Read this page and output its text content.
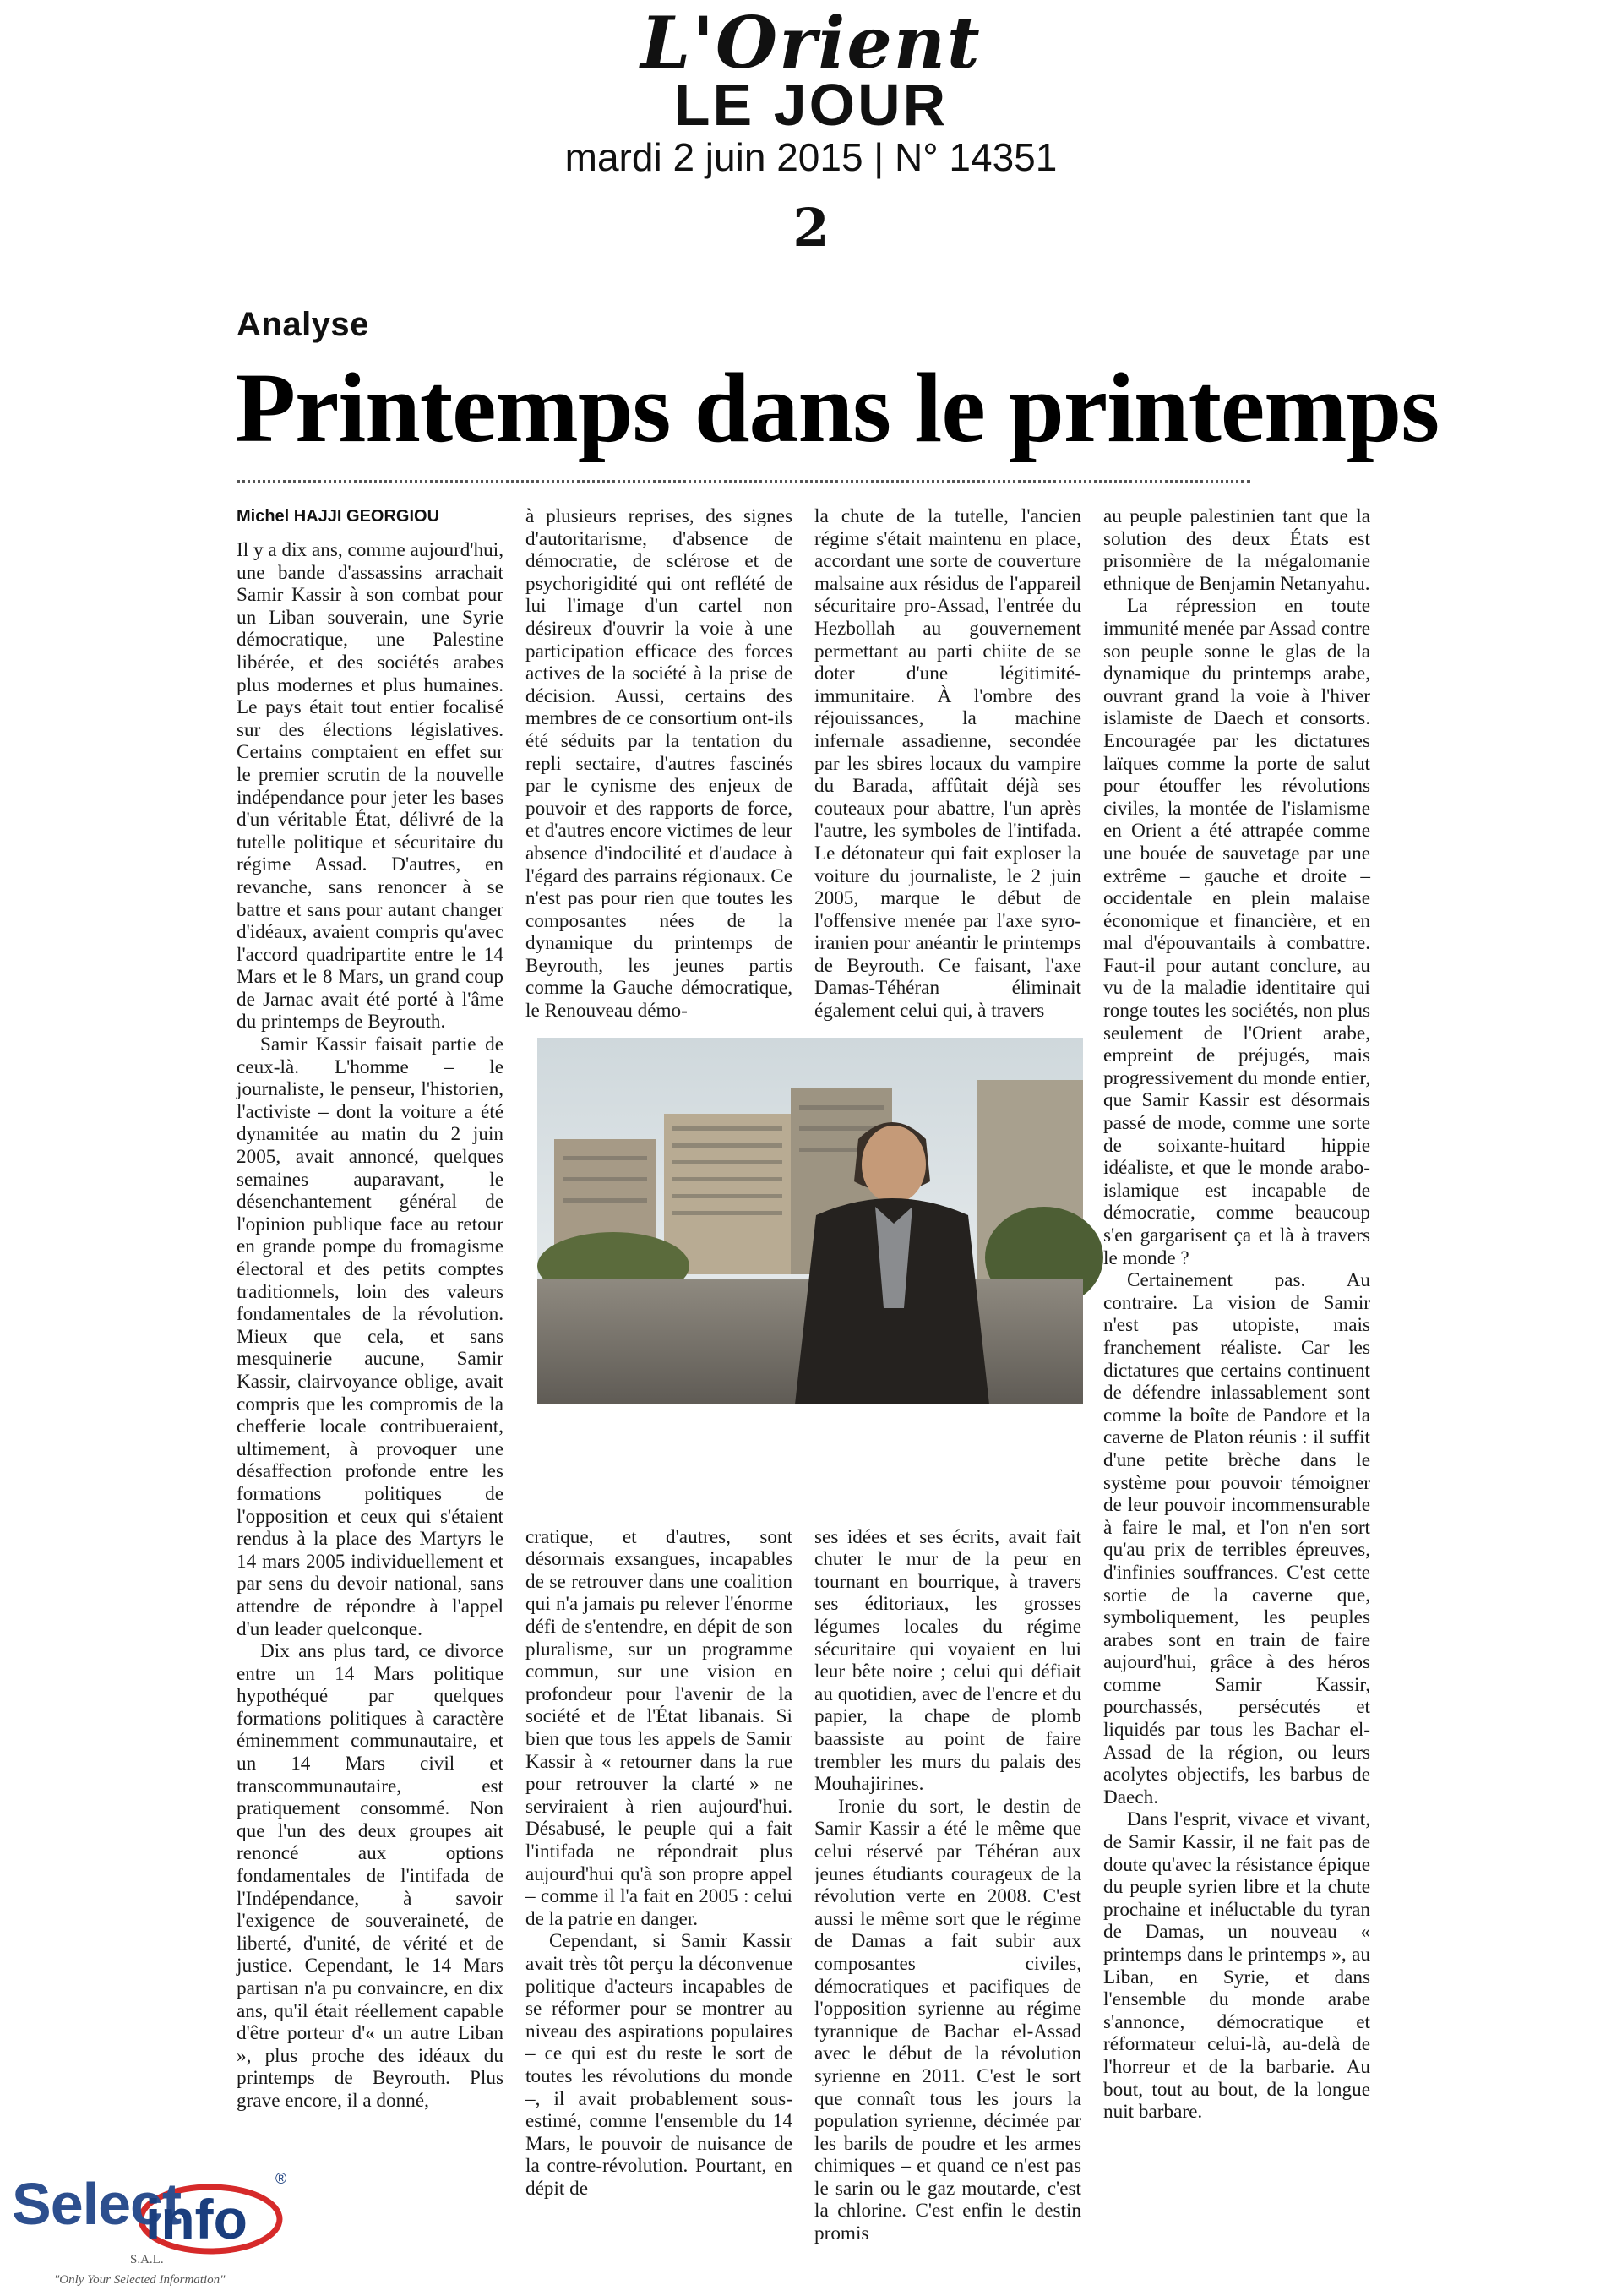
L'Orient
LE JOUR
mardi 2 juin 2015 | N° 14351
2
Analyse
Printemps dans le printemps
Michel HAJJI GEORGIOU

Il y a dix ans, comme aujourd'hui, une bande d'assassins arrachait Samir Kassir à son combat pour un Liban souverain, une Syrie démocratique, une Palestine libérée, et des sociétés arabes plus modernes et plus humaines. Le pays était tout entier focalisé sur des élections législatives. Certains comptaient en effet sur le premier scrutin de la nouvelle indépendance pour jeter les bases d'un véritable État, délivré de la tutelle politique et sécuritaire du régime Assad. D'autres, en revanche, sans renoncer à se battre et sans pour autant changer d'idéaux, avaient compris qu'avec l'accord quadripartite entre le 14 Mars et le 8 Mars, un grand coup de Jarnac avait été porté à l'âme du printemps de Beyrouth.

Samir Kassir faisait partie de ceux-là. L'homme – le journaliste, le penseur, l'historien, l'activiste – dont la voiture a été dynamitée au matin du 2 juin 2005, avait annoncé, quelques semaines auparavant, le désenchantement général de l'opinion publique face au retour en grande pompe du fromagisme électoral et des petits comptes traditionnels, loin des valeurs fondamentales de la révolution. Mieux que cela, et sans mesquinerie aucune, Samir Kassir, clairvoyance oblige, avait compris que les compromis de la chefferie locale contribueraient, ultimement, à provoquer une désaffection profonde entre les formations politiques de l'opposition et ceux qui s'étaient rendus à la place des Martyrs le 14 mars 2005 individuellement et par sens du devoir national, sans attendre de répondre à l'appel d'un leader quelconque.

Dix ans plus tard, ce divorce entre un 14 Mars politique hypothéqué par quelques formations politiques à caractère éminemment communautaire, et un 14 Mars civil et transcommunautaire, est pratiquement consommé. Non que l'un des deux groupes ait renoncé aux options fondamentales de l'intifada de l'Indépendance, à savoir l'exigence de souveraineté, de liberté, d'unité, de vérité et de justice. Cependant, le 14 Mars partisan n'a pu convaincre, en dix ans, qu'il était réellement capable d'être porteur d'« un autre Liban », plus proche des idéaux du printemps de Beyrouth. Plus grave encore, il a donné,

à plusieurs reprises, des signes d'autoritarisme, d'absence de démocratie, de sclérose et de psychorigidité qui ont reflété de lui l'image d'un cartel non désireux d'ouvrir la voie à une participation efficace des forces actives de la société à la prise de décision. Aussi, certains des membres de ce consortium ont-ils été séduits par la tentation du repli sectaire, d'autres fascinés par le cynisme des enjeux de pouvoir et des rapports de force, et d'autres encore victimes de leur absence d'indocilité et d'audace à l'égard des parrains régionaux. Ce n'est pas pour rien que toutes les composantes nées de la dynamique du printemps de Beyrouth, les jeunes partis comme la Gauche démocratique, le Renouveau démo-

cratique, et d'autres, sont désormais exsangues, incapables de se retrouver dans une coalition qui n'a jamais pu relever l'énorme défi de s'entendre, en dépit de son pluralisme, sur un programme commun, sur une vision en profondeur pour l'avenir de la société et de l'État libanais. Si bien que tous les appels de Samir Kassir à « retourner dans la rue pour retrouver la clarté » ne serviraient à rien aujourd'hui. Désabusé, le peuple qui a fait l'intifada ne répondrait plus aujourd'hui qu'à son propre appel – comme il l'a fait en 2005 : celui de la patrie en danger.

Cependant, si Samir Kassir avait très tôt perçu la déconvenue politique d'acteurs incapables de se réformer pour se montrer au niveau des aspirations populaires – ce qui est du reste le sort de toutes les révolutions du monde –, il avait probablement sous-estimé, comme l'ensemble du 14 Mars, le pouvoir de nuisance de la contre-révolution. Pourtant, en dépit de

la chute de la tutelle, l'ancien régime s'était maintenu en place, accordant une sorte de couverture malsaine aux résidus de l'appareil sécuritaire pro-Assad, l'entrée du Hezbollah au gouvernement permettant au parti chiite de se doter d'une légitimité-immunitaire. À l'ombre des réjouissances, la machine infernale assadienne, secondée par les sbires locaux du vampire du Barada, affûtait déjà ses couteaux pour abattre, l'un après l'autre, les symboles de l'intifada. Le détonateur qui fait exploser la voiture du journaliste, le 2 juin 2005, marque le début de l'offensive menée par l'axe syro-iranien pour anéantir le printemps de Beyrouth. Ce faisant, l'axe Damas-Téhéran éliminait également celui qui, à travers

ses idées et ses écrits, avait fait chuter le mur de la peur en tournant en bourrique, à travers ses éditoriaux, les grosses légumes locales du régime sécuritaire qui voyaient en lui leur bête noire ; celui qui défiait au quotidien, avec de l'encre et du papier, la chape de plomb baassiste au point de faire trembler les murs du palais des Mouhajirines.

Ironie du sort, le destin de Samir Kassir a été le même que celui réservé par Téhéran aux jeunes étudiants courageux de la révolution verte en 2008. C'est aussi le même sort que le régime de Damas a fait subir aux composantes civiles, démocratiques et pacifiques de l'opposition syrienne au régime tyrannique de Bachar el-Assad avec le début de la révolution syrienne en 2011. C'est le sort que connaît tous les jours la population syrienne, décimée par les barils de poudre et les armes chimiques – et quand ce n'est pas le sarin ou le gaz moutarde, c'est la chlorine. C'est enfin le destin promis

au peuple palestinien tant que la solution des deux États est prisonnière de la mégalomanie ethnique de Benjamin Netanyahu.

La répression en toute immunité menée par Assad contre son peuple sonne le glas de la dynamique du printemps arabe, ouvrant grand la voie à l'hiver islamiste de Daech et consorts. Encouragée par les dictatures laïques comme la porte de salut pour étouffer les révolutions civiles, la montée de l'islamisme en Orient a été attrapée comme une bouée de sauvetage par une extrême – gauche et droite – occidentale en plein malaise économique et financière, et en mal d'épouvantails à combattre. Faut-il pour autant conclure, au vu de la maladie identitaire qui ronge toutes les sociétés, non plus seulement de l'Orient arabe, empreint de préjugés, mais progressivement du monde entier, que Samir Kassir est désormais passé de mode, comme une sorte de soixante-huitard hippie idéaliste, et que le monde arabo-islamique est incapable de démocratie, comme beaucoup s'en gargarisent ça et là à travers le monde ?

Certainement pas. Au contraire. La vision de Samir n'est pas utopiste, mais franchement réaliste. Car les dictatures que certains continuent de défendre inlassablement sont comme la boîte de Pandore et la caverne de Platon réunis : il suffit d'une petite brèche dans le système pour pouvoir témoigner de leur pouvoir incommensurable à faire le mal, et l'on n'en sort qu'au prix de terribles épreuves, d'infinies souffrances. C'est cette sortie de la caverne que, symboliquement, les peuples arabes sont en train de faire aujourd'hui, grâce à des héros comme Samir Kassir, pourchassés, persécutés et liquidés par tous les Bachar el-Assad de la région, ou leurs acolytes objectifs, les barbus de Daech.

Dans l'esprit, vivace et vivant, de Samir Kassir, il ne fait pas de doute qu'avec la résistance épique du peuple syrien libre et la chute prochaine et inéluctable du tyran de Damas, un nouveau « printemps dans le printemps », au Liban, en Syrie, et dans l'ensemble du monde arabe s'annonce, démocratique et réformateur celui-là, au-delà de l'horreur et de la barbarie. Au bout, tout au bout, de la longue nuit barbare.

Select
info
®
S.A.L.
"Only Your Selected Information"
